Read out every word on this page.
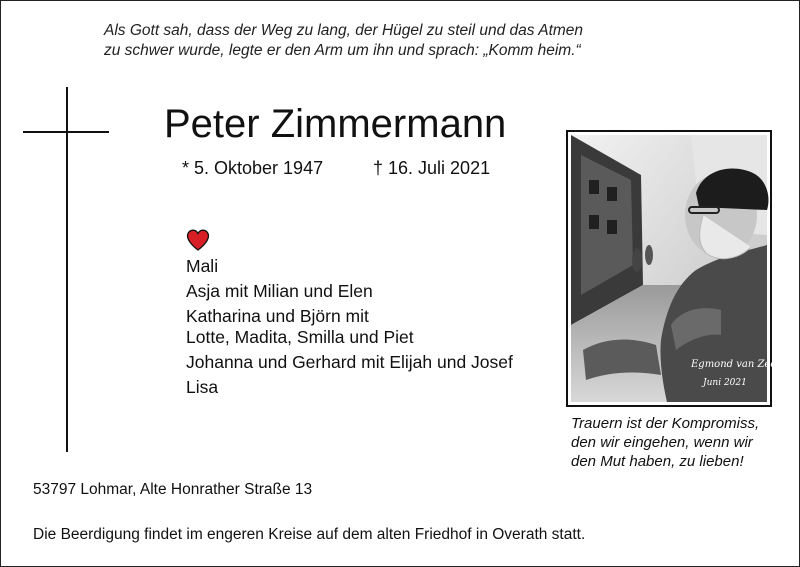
Als Gott sah, dass der Weg zu lang, der Hügel zu steil und das Atmen
zu schwer wurde, legte er den Arm um ihn und sprach: „Komm heim.“
Peter Zimmermann
* 5. Oktober 1947	† 16. Juli 2021
Mali
Asja mit Milian und Elen
Katharina und Björn mit
Lotte, Madita, Smilla und Piet
Johanna und Gerhard mit Elijah und Josef
Lisa
Egmond van Zee
Juni 2021
Trauern ist der Kompromiss,
den wir eingehen, wenn wir
den Mut haben, zu lieben!
53797 Lohmar, Alte Honrather Straße 13
Die Beerdigung findet im engeren Kreise auf dem alten Friedhof in Overath statt.
